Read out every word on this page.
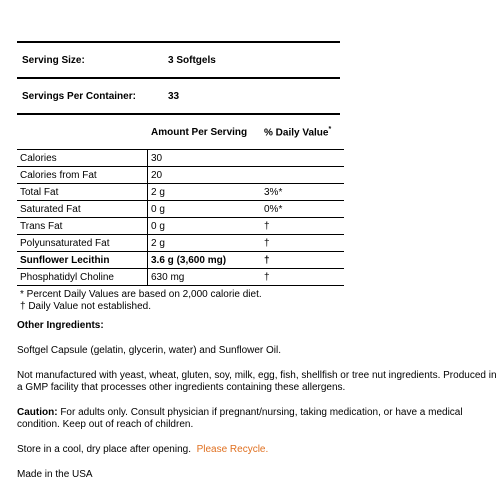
Serving Size:	3 Softgels
Servings Per Container:	33
Amount Per Serving	% Daily Value*
Calories	30	
Calories from Fat	20	
Total Fat	2 g	3%*
Saturated Fat	0 g	0%*
Trans Fat	0 g	†
Polyunsaturated Fat	2 g	†
Sunflower Lecithin	3.6 g (3,600 mg)	†
Phosphatidyl Choline	630 mg	†
* Percent Daily Values are based on 2,000 calorie diet.
† Daily Value not established.

Other Ingredients:

Softgel Capsule (gelatin, glycerin, water) and Sunflower Oil.

Not manufactured with yeast, wheat, gluten, soy, milk, egg, fish, shellfish or tree nut ingredients. Produced in a GMP facility that processes other ingredients containing these allergens.

Caution: For adults only. Consult physician if pregnant/nursing, taking medication, or have a medical condition. Keep out of reach of children.

Store in a cool, dry place after opening. Please Recycle.

Made in the USA
